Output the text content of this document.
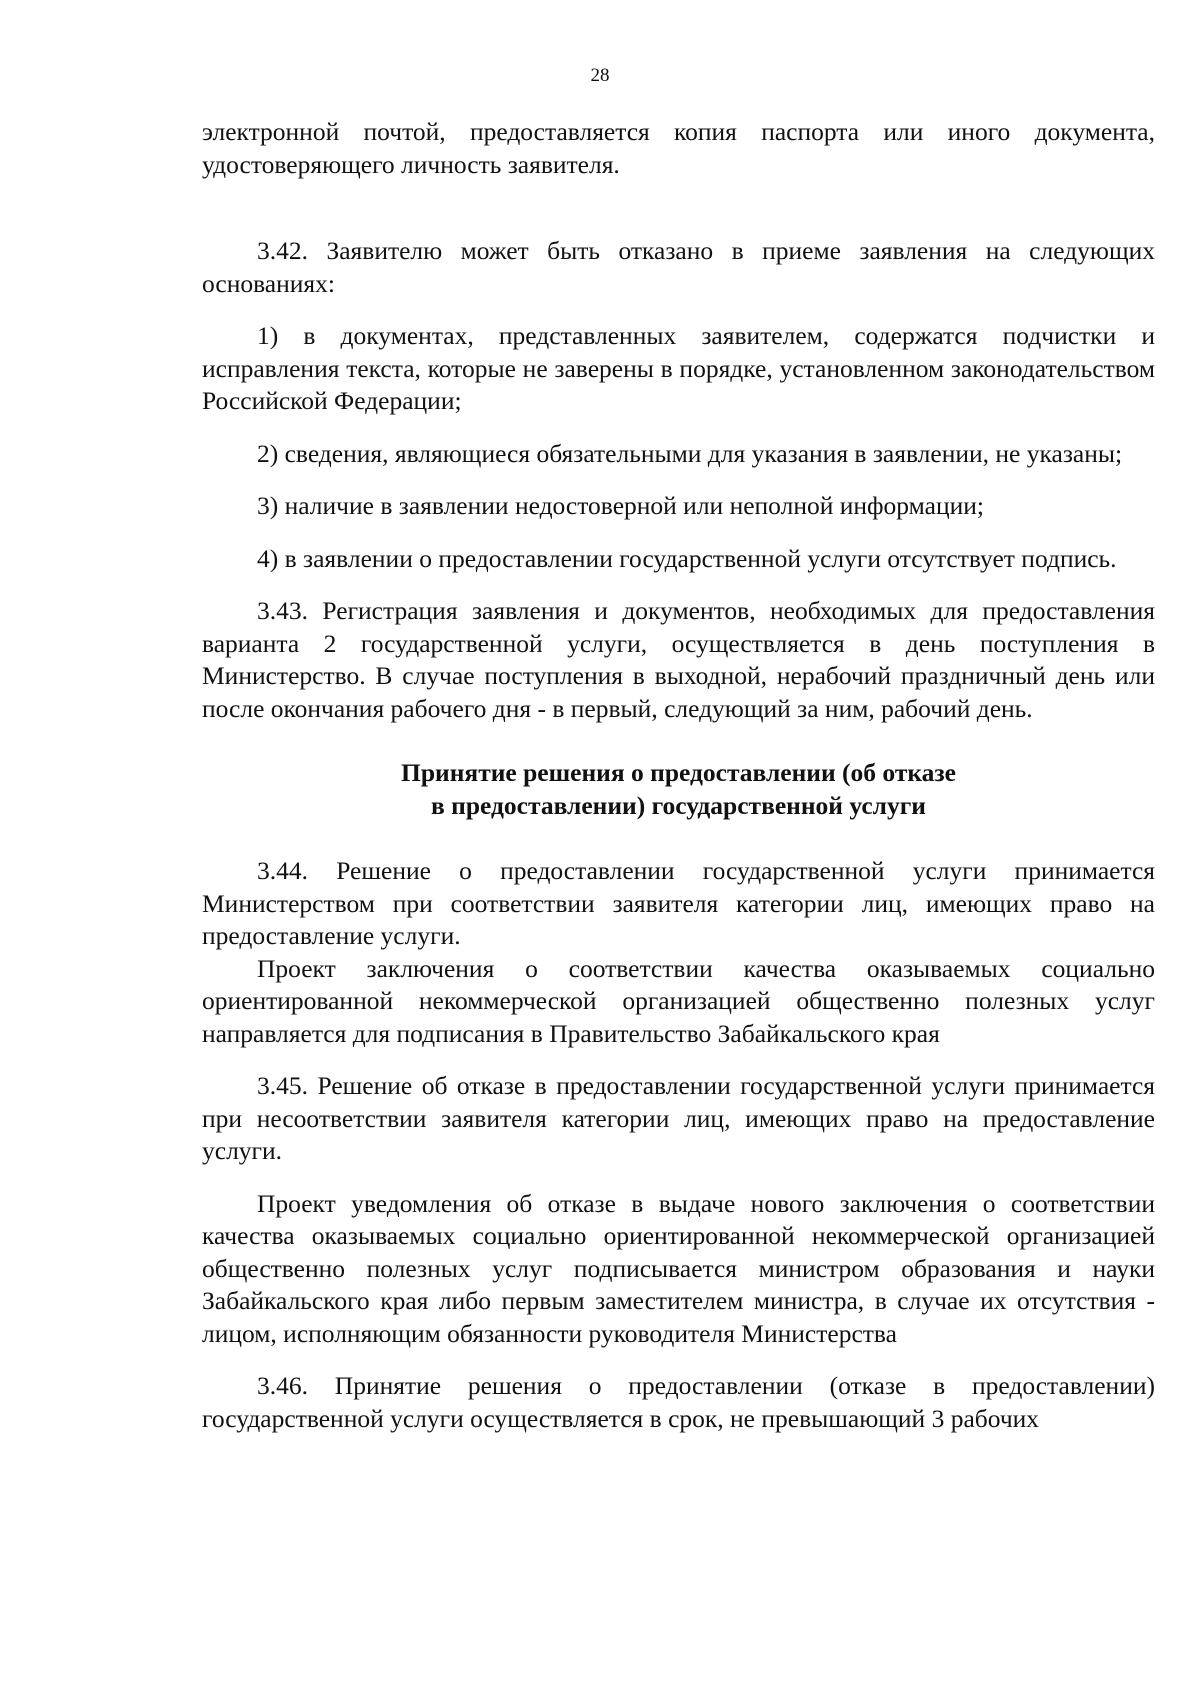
28

электронной почтой, предоставляется копия паспорта или иного документа, удостоверяющего личность заявителя.

3.42. Заявителю может быть отказано в приеме заявления на следующих основаниях:

1) в документах, представленных заявителем, содержатся подчистки и исправления текста, которые не заверены в порядке, установленном законодательством Российской Федерации;

2) сведения, являющиеся обязательными для указания в заявлении, не указаны;

3) наличие в заявлении недостоверной или неполной информации;

4) в заявлении о предоставлении государственной услуги отсутствует подпись.

3.43. Регистрация заявления и документов, необходимых для предоставления варианта 2 государственной услуги, осуществляется в день поступления в Министерство. В случае поступления в выходной, нерабочий праздничный день или после окончания рабочего дня - в первый, следующий за ним, рабочий день.

Принятие решения о предоставлении (об отказе
в предоставлении) государственной услуги

3.44. Решение о предоставлении государственной услуги принимается Министерством при соответствии заявителя категории лиц, имеющих право на предоставление услуги.

Проект заключения о соответствии качества оказываемых социально ориентированной некоммерческой организацией общественно полезных услуг направляется для подписания в Правительство Забайкальского края

3.45. Решение об отказе в предоставлении государственной услуги принимается при несоответствии заявителя категории лиц, имеющих право на предоставление услуги.

Проект уведомления об отказе в выдаче нового заключения о соответствии качества оказываемых социально ориентированной некоммерческой организацией общественно полезных услуг подписывается министром образования и науки Забайкальского края либо первым заместителем министра, в случае их отсутствия - лицом, исполняющим обязанности руководителя Министерства

3.46. Принятие решения о предоставлении (отказе в предоставлении) государственной услуги осуществляется в срок, не превышающий 3 рабочих
